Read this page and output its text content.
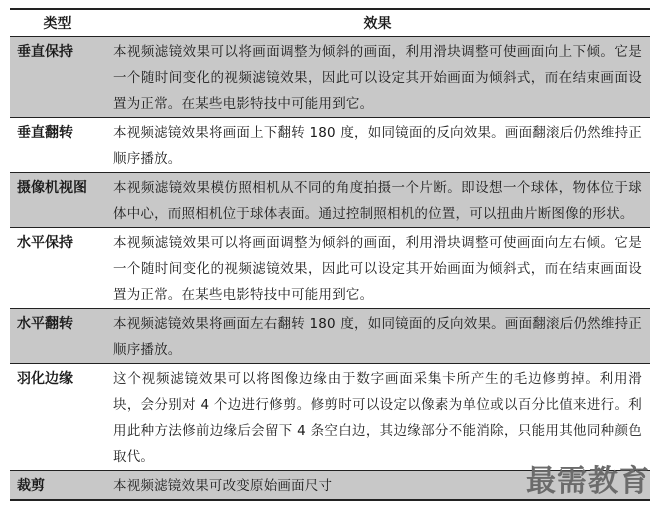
类型	效果
垂直保持	本视频滤镜效果可以将画面调整为倾斜的画面，利用滑块调整可使画面向上下倾。它是一个随时间变化的视频滤镜效果，因此可以设定其开始画面为倾斜式，而在结束画面设置为正常。在某些电影特技中可能用到它。
垂直翻转	本视频滤镜效果将画面上下翻转 180 度，如同镜面的反向效果。画面翻滚后仍然维持正顺序播放。
摄像机视图	本视频滤镜效果模仿照相机从不同的角度拍摄一个片断。即设想一个球体，物体位于球体中心，而照相机位于球体表面。通过控制照相机的位置，可以扭曲片断图像的形状。
水平保持	本视频滤镜效果可以将画面调整为倾斜的画面，利用滑块调整可使画面向左右倾。它是一个随时间变化的视频滤镜效果，因此可以设定其开始画面为倾斜式，而在结束画面设置为正常。在某些电影特技中可能用到它。
水平翻转	本视频滤镜效果将画面左右翻转 180 度，如同镜面的反向效果。画面翻滚后仍然维持正顺序播放。
羽化边缘	这个视频滤镜效果可以将图像边缘由于数字画面采集卡所产生的毛边修剪掉。利用滑块，会分别对 4 个边进行修剪。修剪时可以设定以像素为单位或以百分比值来进行。利用此种方法修前边缘后会留下 4 条空白边，其边缘部分不能消除，只能用其他同种颜色取代。
裁剪	本视频滤镜效果可改变原始画面尺寸	最需教育
